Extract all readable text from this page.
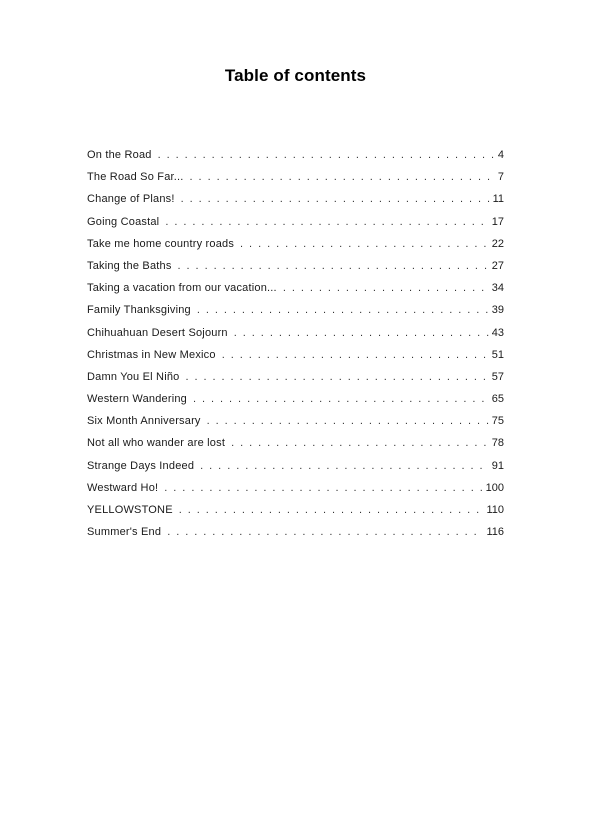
Table of contents
On the Road . . .	4
The Road So Far... . . .	7
Change of Plans! . . .	11
Going Coastal . . .	17
Take me home country roads . . .	22
Taking the Baths . . .	27
Taking a vacation from our vacation... . . .	34
Family Thanksgiving . . .	39
Chihuahuan Desert Sojourn . . .	43
Christmas in New Mexico . . .	51
Damn You El Niño . . .	57
Western Wandering . . .	65
Six Month Anniversary . . .	75
Not all who wander are lost . . .	78
Strange Days Indeed . . .	91
Westward Ho! . . .	100
YELLOWSTONE . . .	110
Summer's End . . .	116
